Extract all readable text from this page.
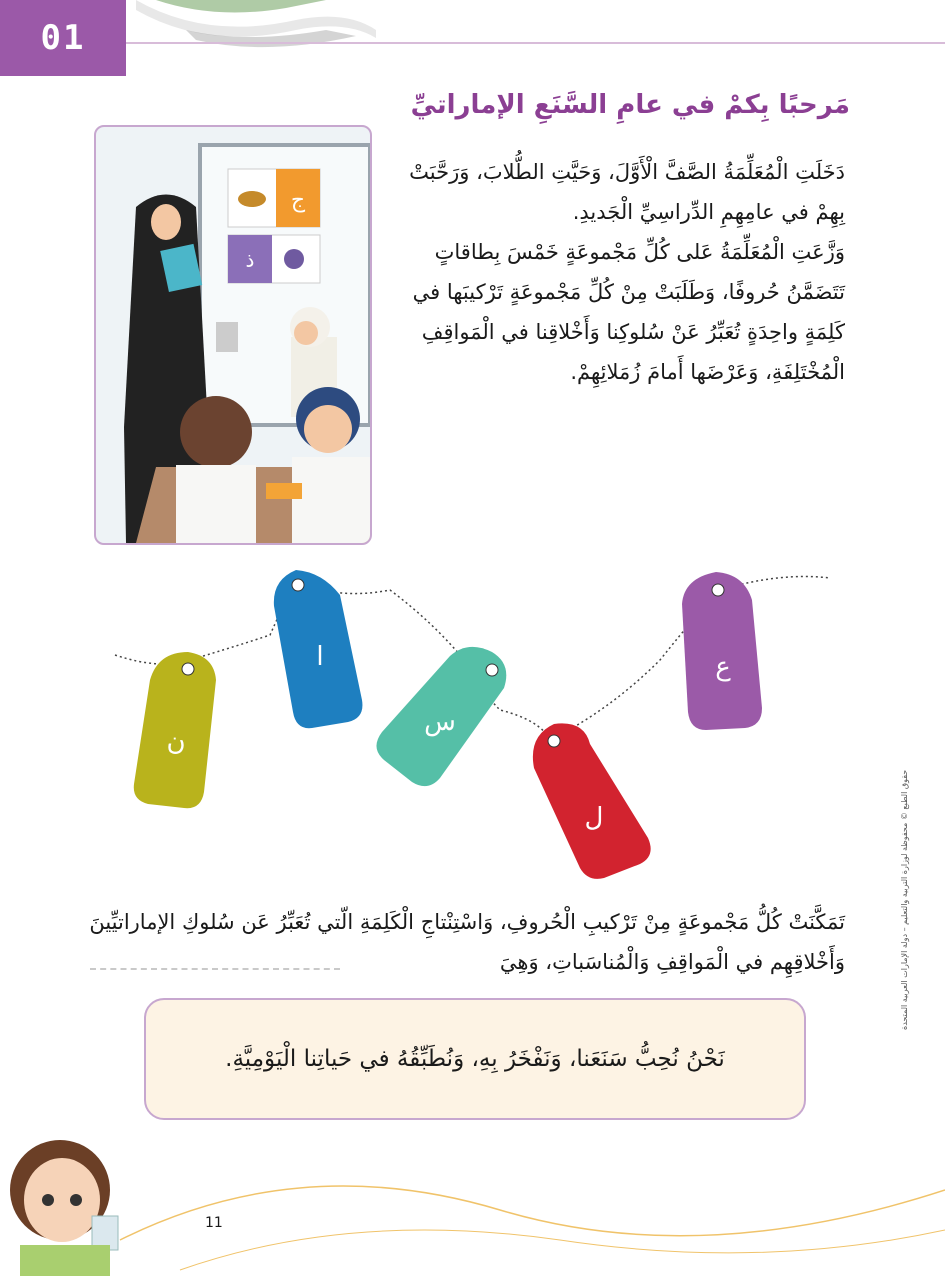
01
مَرحبًا بِكمْ في عامِ السَّنَعِ الإماراتيِّ
ج
ذ

دَخَلَتِ الْمُعَلِّمَةُ الصَّفَّ الْأَوَّلَ، وَحَيَّتِ الطُّلابَ، وَرَحَّبَتْ بِهِمْ في عامِهِمِ الدِّراسِيِّ الْجَديدِ.

وَزَّعَتِ الْمُعَلِّمَةُ عَلى كُلِّ مَجْموعَةٍ خَمْسَ بِطاقاتٍ تَتَضَمَّنُ حُروفًا، وَطَلَبَتْ مِنْ كُلِّ مَجْموعَةٍ تَرْكيبَها في كَلِمَةٍ واحِدَةٍ تُعَبِّرُ عَنْ سُلوكِنا وَأَخْلاقِنا في الْمَواقِفِ الْمُخْتَلِفَةِ، وَعَرْضَها أَمامَ زُمَلائِهِمْ.

ا	ع
ن
س
ل
تَمَكَّنَتْ كُلُّ مَجْموعَةٍ مِنْ تَرْكيبِ الْحُروفِ، وَاسْتِنْتاجِ الْكَلِمَةِ الّتي تُعَبِّرُ عَن سُلوكِ الإماراتيِّينَ وَأَخْلاقِهِم في الْمَواقِفِ وَالْمُناسَباتِ، وَهِيَ	حقوق الطبع © محفوظة لوزارة التربية والتعليم – دولة الإمارات العربية المتحدة
نَحْنُ نُحِبُّ سَنَعَنا، وَنَفْخَرُ بِهِ، وَنُطَبِّقُهُ في حَياتِنا الْيَوْمِيَّةِ.
11
